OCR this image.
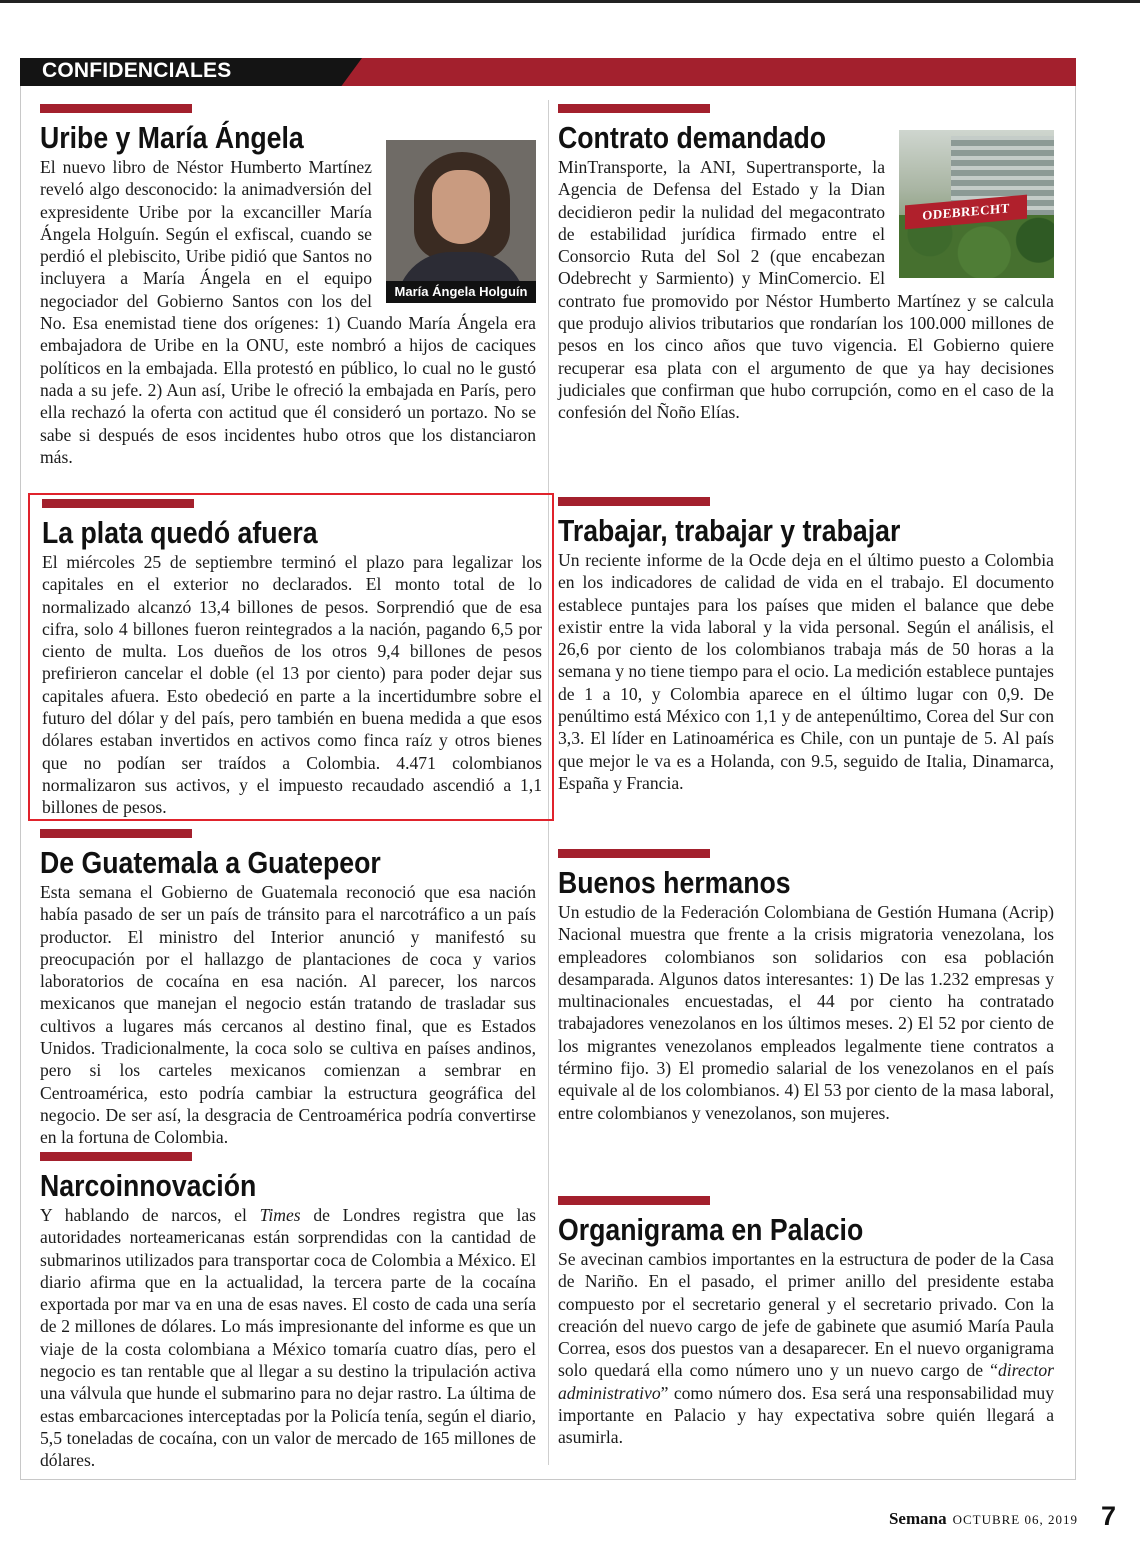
CONFIDENCIALES
María Ángela Holguín
Uribe y María Ángela

El nuevo libro de Néstor Humberto Martínez reveló algo desconocido: la animadversión del expresidente Uribe por la excanciller María Ángela Holguín. Según el exfiscal, cuando se perdió el plebiscito, Uribe pidió que Santos no incluyera a María Ángela en el equipo negociador del Gobierno Santos con los del No. Esa enemistad tiene dos orígenes: 1) Cuando María Ángela era embajadora de Uribe en la ONU, este nombró a hijos de caciques políticos en la embajada. Ella protestó en público, lo cual no le gustó nada a su jefe. 2) Aun así, Uribe le ofreció la embajada en París, pero ella rechazó la oferta con actitud que él consideró un portazo. No se sabe si después de esos incidentes hubo otros que los distanciaron más.

ODEBRECHT
Contrato demandado

MinTransporte, la ANI, Supertransporte, la Agencia de Defensa del Estado y la Dian decidieron pedir la nulidad del megacontrato de estabilidad jurídica firmado entre el Consorcio Ruta del Sol 2 (que encabezan Odebrecht y Sarmiento) y MinComercio. El contrato fue promovido por Néstor Humberto Martínez y se calcula que produjo alivios tributarios que rondarían los 100.000 millones de pesos en los cinco años que tuvo vigencia. El Gobierno quiere recuperar esa plata con el argumento de que ya hay decisiones judiciales que confirman que hubo corrupción, como en el caso de la confesión del Ñoño Elías.

La plata quedó afuera

El miércoles 25 de septiembre terminó el plazo para legalizar los capitales en el exterior no declarados. El monto total de lo normalizado alcanzó 13,4 billones de pesos. Sorprendió que de esa cifra, solo 4 billones fueron reintegrados a la nación, pagando 6,5 por ciento de multa. Los dueños de los otros 9,4 billones de pesos prefirieron cancelar el doble (el 13 por ciento) para poder dejar sus capitales afuera. Esto obedeció en parte a la incertidumbre sobre el futuro del dólar y del país, pero también en buena medida a que esos dólares estaban invertidos en activos como finca raíz y otros bienes que no podían ser traídos a Colombia. 4.471 colombianos normalizaron sus activos, y el impuesto recaudado ascendió a 1,1 billones de pesos.

Trabajar, trabajar y trabajar

Un reciente informe de la Ocde deja en el último puesto a Colombia en los indicadores de calidad de vida en el trabajo. El documento establece puntajes para los países que miden el balance que debe existir entre la vida laboral y la vida personal. Según el análisis, el 26,6 por ciento de los colombianos trabaja más de 50 horas a la semana y no tiene tiempo para el ocio. La medición establece puntajes de 1 a 10, y Colombia aparece en el último lugar con 0,9. De penúltimo está México con 1,1 y de antepenúltimo, Corea del Sur con 3,3. El líder en Latinoamérica es Chile, con un puntaje de 5. Al país que mejor le va es a Holanda, con 9.5, seguido de Italia, Dinamarca, España y Francia.

De Guatemala a Guatepeor

Esta semana el Gobierno de Guatemala reconoció que esa nación había pasado de ser un país de tránsito para el narcotráfico a un país productor. El ministro del Interior anunció y manifestó su preocupación por el hallazgo de plantaciones de coca y varios laboratorios de cocaína en esa nación. Al parecer, los narcos mexicanos que manejan el negocio están tratando de trasladar sus cultivos a lugares más cercanos al destino final, que es Estados Unidos. Tradicionalmente, la coca solo se cultiva en países andinos, pero si los carteles mexicanos comienzan a sembrar en Centroamérica, esto podría cambiar la estructura geográfica del negocio. De ser así, la desgracia de Centroamérica podría convertirse en la fortuna de Colombia.

Buenos hermanos

Un estudio de la Federación Colombiana de Gestión Humana (Acrip) Nacional muestra que frente a la crisis migratoria venezolana, los empleadores colombianos son solidarios con esa población desamparada. Algunos datos interesantes: 1) De las 1.232 empresas y multinacionales encuestadas, el 44 por ciento ha contratado trabajadores venezolanos en los últimos meses. 2) El 52 por ciento de los migrantes venezolanos empleados legalmente tiene contratos a término fijo. 3) El promedio salarial de los venezolanos en el país equivale al de los colombianos. 4) El 53 por ciento de la masa laboral, entre colombianos y venezolanos, son mujeres.

Narcoinnovación

Y hablando de narcos, el Times de Londres registra que las autoridades norteamericanas están sorprendidas con la cantidad de submarinos utilizados para transportar coca de Colombia a México. El diario afirma que en la actualidad, la tercera parte de la cocaína exportada por mar va en una de esas naves. El costo de cada una sería de 2 millones de dólares. Lo más impresionante del informe es que un viaje de la costa colombiana a México tomaría cuatro días, pero el negocio es tan rentable que al llegar a su destino la tripulación activa una válvula que hunde el submarino para no dejar rastro. La última de estas embarcaciones interceptadas por la Policía tenía, según el diario, 5,5 toneladas de cocaína, con un valor de mercado de 165 millones de dólares.

Organigrama en Palacio

Se avecinan cambios importantes en la estructura de poder de la Casa de Nariño. En el pasado, el primer anillo del presidente estaba compuesto por el secretario general y el secretario privado. Con la creación del nuevo cargo de jefe de gabinete que asumió María Paula Correa, esos dos puestos van a desaparecer. En el nuevo organigrama solo quedará ella como número uno y un nuevo cargo de “director administrativo” como número dos. Esa será una responsabilidad muy importante en Palacio y hay expectativa sobre quién llegará a asumirla.

Semana OCTUBRE 06, 2019 7
